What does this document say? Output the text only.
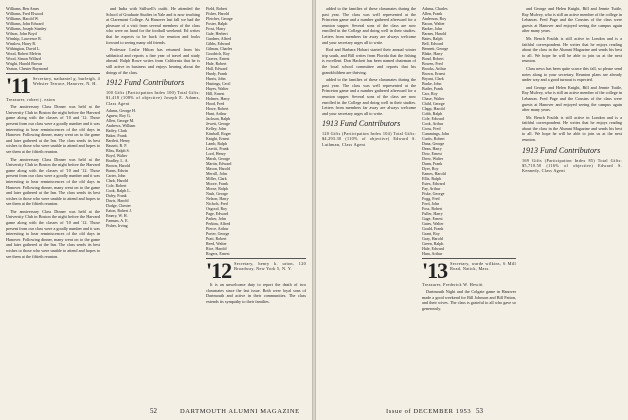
Williams, Ben Ames
Williams, Fred Elwood
Williams, Harold W.
Williams, John Edward
Williams, Joseph Stanley
Wilson, John Boyd
Winship, Lawrence R.
Winslow, Harry B.
Withington, David L.
Wood, Robert Melvin
Wood, Simon Willard
Wright, Harold Brown
Yeaton, Chester Raymond
'11 Secretary, nathaniel g. burleigh, 4 Webster Terrace, Hanover, N. H.
Treasurer, robert j. eaton

The anniversary Class Dinner was held at the University Club in Boston the night before the Harvard game along with the classes of '10 and '12. Those present from our class were a goodly number and it was interesting to hear reminiscences of the old days in Hanover. Following dinner, many went on to the game and later gathered at the Inn. The class sends its best wishes to those who were unable to attend and hopes to see them at the fiftieth reunion.

The anniversary Class Dinner was held at the University Club in Boston the night before the Harvard game along with the classes of '10 and '12. Those present from our class were a goodly number and it was interesting to hear reminiscences of the old days in Hanover. Following dinner, many went on to the game and later gathered at the Inn. The class sends its best wishes to those who were unable to attend and hopes to see them at the fiftieth reunion.

The anniversary Class Dinner was held at the University Club in Boston the night before the Harvard game along with the classes of '10 and '12. Those present from our class were a goodly number and it was interesting to hear reminiscences of the old days in Hanover. Following dinner, many went on to the game and later gathered at the Inn. The class sends its best wishes to those who were unable to attend and hopes to see them at the fiftieth reunion.

and India with Stillwell's outfit. He attended the School of Graduate Studies in Yale and is now teaching at Claremont College. At Hanover last fall we had the pleasure of a visit from several members of the class who were on hand for the football weekend. Ed writes that he expects to be back for reunion and looks forward to seeing many old friends.

Professor Leslie Hilton has returned from his sabbatical and reports a fine year of travel and study abroad. Ralph Rowe writes from California that he is still active in business and enjoys hearing about the doings of the class.

1912 Fund Contributors
100 Gifts (Participation Index 100) Total Gifts: $1,418 (108% of objective) Joseph E. Adams, Class Agent
Adams, George H.
Agnew, Roy G.
Allen, George M.
Andrews, William
Bailey, Clark
Baker, Frank
Bartlett, Henry
Bassett, R. P.
Bliss, Ralph S.
Boyd, Walter
Bradley, L. A.
Brown, Harold
Burns, Edwin
Carter, John
Clark, Harold
Cole, Robert
Cook, Ralph L.
Daley, Frank
Davis, Harold
Dodge, Chester
Eaton, Robert J.
Emery, W. H.
Farnum, A. E.
Fisher, Irving
Field, Robert
Fisher, Harold
Fletcher, George
Foster, Ralph
Frost, Harry
Gale, Herbert
Gardner, Alfred
Gibbs, Edward
Gilman, Charles
Goodrich, Roy
Graves, Ernest
Hale, Robert
Hall, Edward
Hardy, Frank
Harris, John
Hastings, Cecil
Hayes, Walter
Hill, Ernest
Holmes, Harry
Hood, Fred
Howe, Robert
Hunt, Arthur
Jackson, Ralph
Jewett, George
Kelley, John
Kimball, Roger
Knight, Ernest
Lamb, Ralph
Leavitt, Frank
Lord, Henry
Marsh, George
Martin, Edward
Mason, Harold
Merrill, John
Miller, Clark
Moore, Frank
Morse, Ralph
Nash, George
Nelson, Harry
Nichols, Fred
Osgood, Roy
Page, Edward
Parker, John
Perkins, Alfred
Pierce, Arthur
Porter, George
Pratt, Robert
Reed, Walter
Rice, Harold
Rogers, Ernest
'12 Secretary, henry k. urion, 120 Broadway, New York 5, N. Y.

It is an unwelcome duty to report the death of two classmates since the last issue. Both were loyal sons of Dartmouth and active in their communities. The class extends its sympathy to their families.

52	DARTMOUTH ALUMNI MAGAZINE

added to the families of these classmates during the past year. The class was well represented at the Princeton game and a number gathered afterward for a reunion supper. Several sons of the class are now enrolled in the College and doing well in their studies. Letters from members far away are always welcome and your secretary urges all to write.

Rod and Barbara Hobart started their annual winter trip south, and Bill writes from Florida that the fishing is excellent. Don Hackett has been named chairman of the local school committee and reports that his grandchildren are thriving.

added to the families of these classmates during the past year. The class was well represented at the Princeton game and a number gathered afterward for a reunion supper. Several sons of the class are now enrolled in the College and doing well in their studies. Letters from members far away are always welcome and your secretary urges all to write.

1913 Fund Contributors
120 Gifts (Participation Index 104) Total Gifts: $4,293.30 (110% of objective) Edward S. Luthman, Class Agent
Adams, Charles
Allen, Frank
Anderson, Roy
Bacon, Walter
Barker, John
Barnes, Harold
Bates, Ralph
Bell, Edward
Bennett, George
Blake, Harry
Bond, Robert
Bowen, Fred
Brooks, Arthur
Brown, Ernest
Bryant, Clark
Burke, John
Butler, Frank
Carr, Roy
Chase, Walter
Child, George
Clapp, Harold
Cobb, Ralph
Cole, Edward
Cook, Arthur
Cross, Fred
Cummings, John
Curtis, Robert
Dana, George
Dean, Harry
Dow, Ernest
Drew, Walter
Dunn, Frank
Dyer, Roy
Eames, Harold
Ellis, Ralph
Estes, Edward
Fay, Arthur
Fiske, George
Fogg, Fred
Ford, John
Foss, Robert
Fuller, Harry
Gage, Ernest
Gates, Walter
Gould, Frank
Grant, Roy
Gray, Harold
Green, Ralph
Hale, Edward
Ham, Arthur
'13 Secretary, warde wilkins, 6 Mill Road, Natick, Mass.
Treasurer, Frederick W. Hewitt

Dartmouth Night and the Colgate game in Hanover made a good weekend for Bill Johnson and Bill Patton, and their wives. The class is grateful to all who gave so generously.

and George and Helen Knight, Bill and Jennie Tuttle, Ray Mulvey, who is still an active member of the college in Lebanon. Fred Page and the Cousins of the class were guests at Hanover and enjoyed seeing the campus again after many years.

Mr. Bench Foulds is still active in London and is a faithful correspondent. He writes that he enjoys reading about the class in the Alumni Magazine and sends his best to all. We hope he will be able to join us at the next reunion.

Class news has been quite scarce this fall, so please send notes along to your secretary. Reunion plans are already under way and a good turnout is expected.

and George and Helen Knight, Bill and Jennie Tuttle, Ray Mulvey, who is still an active member of the college in Lebanon. Fred Page and the Cousins of the class were guests at Hanover and enjoyed seeing the campus again after many years.

Mr. Bench Foulds is still active in London and is a faithful correspondent. He writes that he enjoys reading about the class in the Alumni Magazine and sends his best to all. We hope he will be able to join us at the next reunion.

1913 Fund Contributors
169 Gifts (Participation Index 85) Total Gifts: $5,710.50 (116% of objective) Edward S. Kennedy, Class Agent
Issue of DECEMBER 1953 53
